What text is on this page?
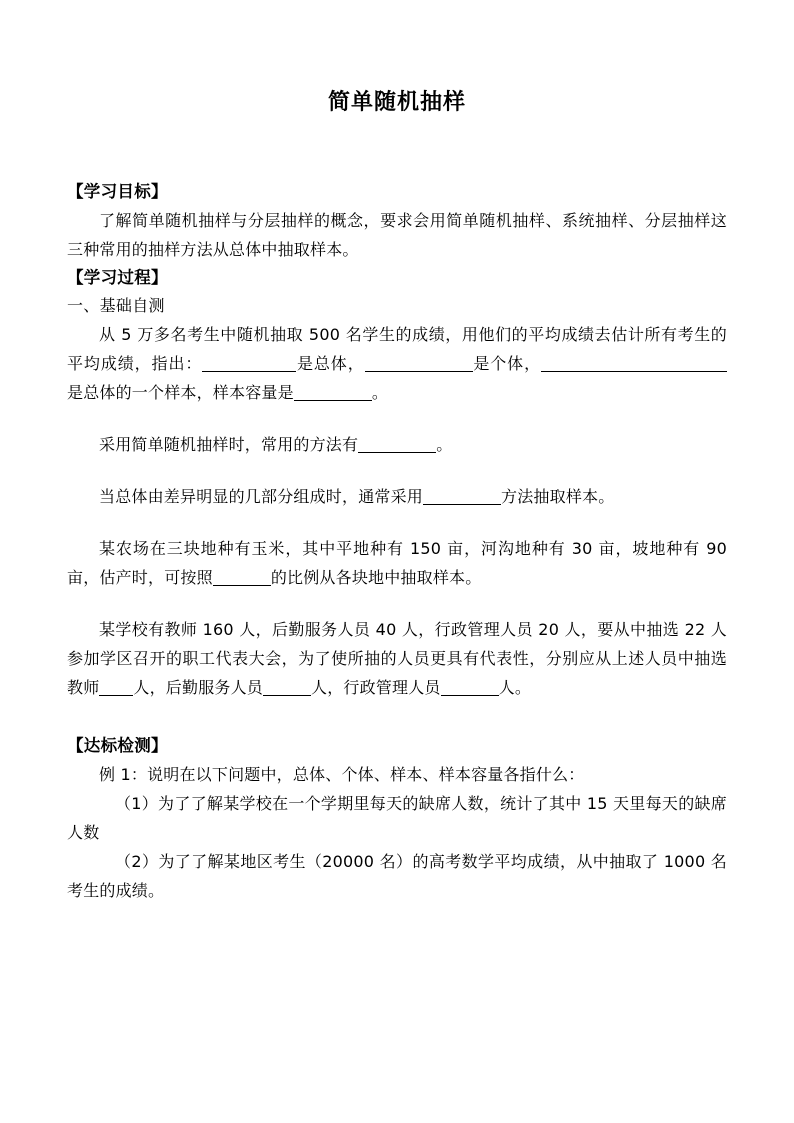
简单随机抽样
【学习目标】
了解简单随机抽样与分层抽样的概念，要求会用简单随机抽样、系统抽样、分层抽样这三种常用的抽样方法从总体中抽取样本。
【学习过程】
一、基础自测
从 5 万多名考生中随机抽取 500 名学生的成绩，用他们的平均成绩去估计所有考生的平均成绩，指出：	是总体，	是个体，是总体的一个样本，样本容量是	。
采用简单随机抽样时，常用的方法有	。
当总体由差异明显的几部分组成时，通常采用	方法抽取样本。
某农场在三块地种有玉米，其中平地种有 150 亩，河沟地种有 30 亩，坡地种有 90 亩，估产时，可按照	的比例从各块地中抽取样本。
某学校有教师 160 人，后勤服务人员 40 人，行政管理人员 20 人，要从中抽选 22 人参加学区召开的职工代表大会，为了使所抽的人员更具有代表性，分别应从上述人员中抽选教师 人，后勤服务人员	人，行政管理人员	人。
【达标检测】
例 1：说明在以下问题中，总体、个体、样本、样本容量各指什么：
（1）为了了解某学校在一个学期里每天的缺席人数，统计了其中 15 天里每天的缺席人数
（2）为了了解某地区考生（20000 名）的高考数学平均成绩，从中抽取了 1000 名考生的成绩。
